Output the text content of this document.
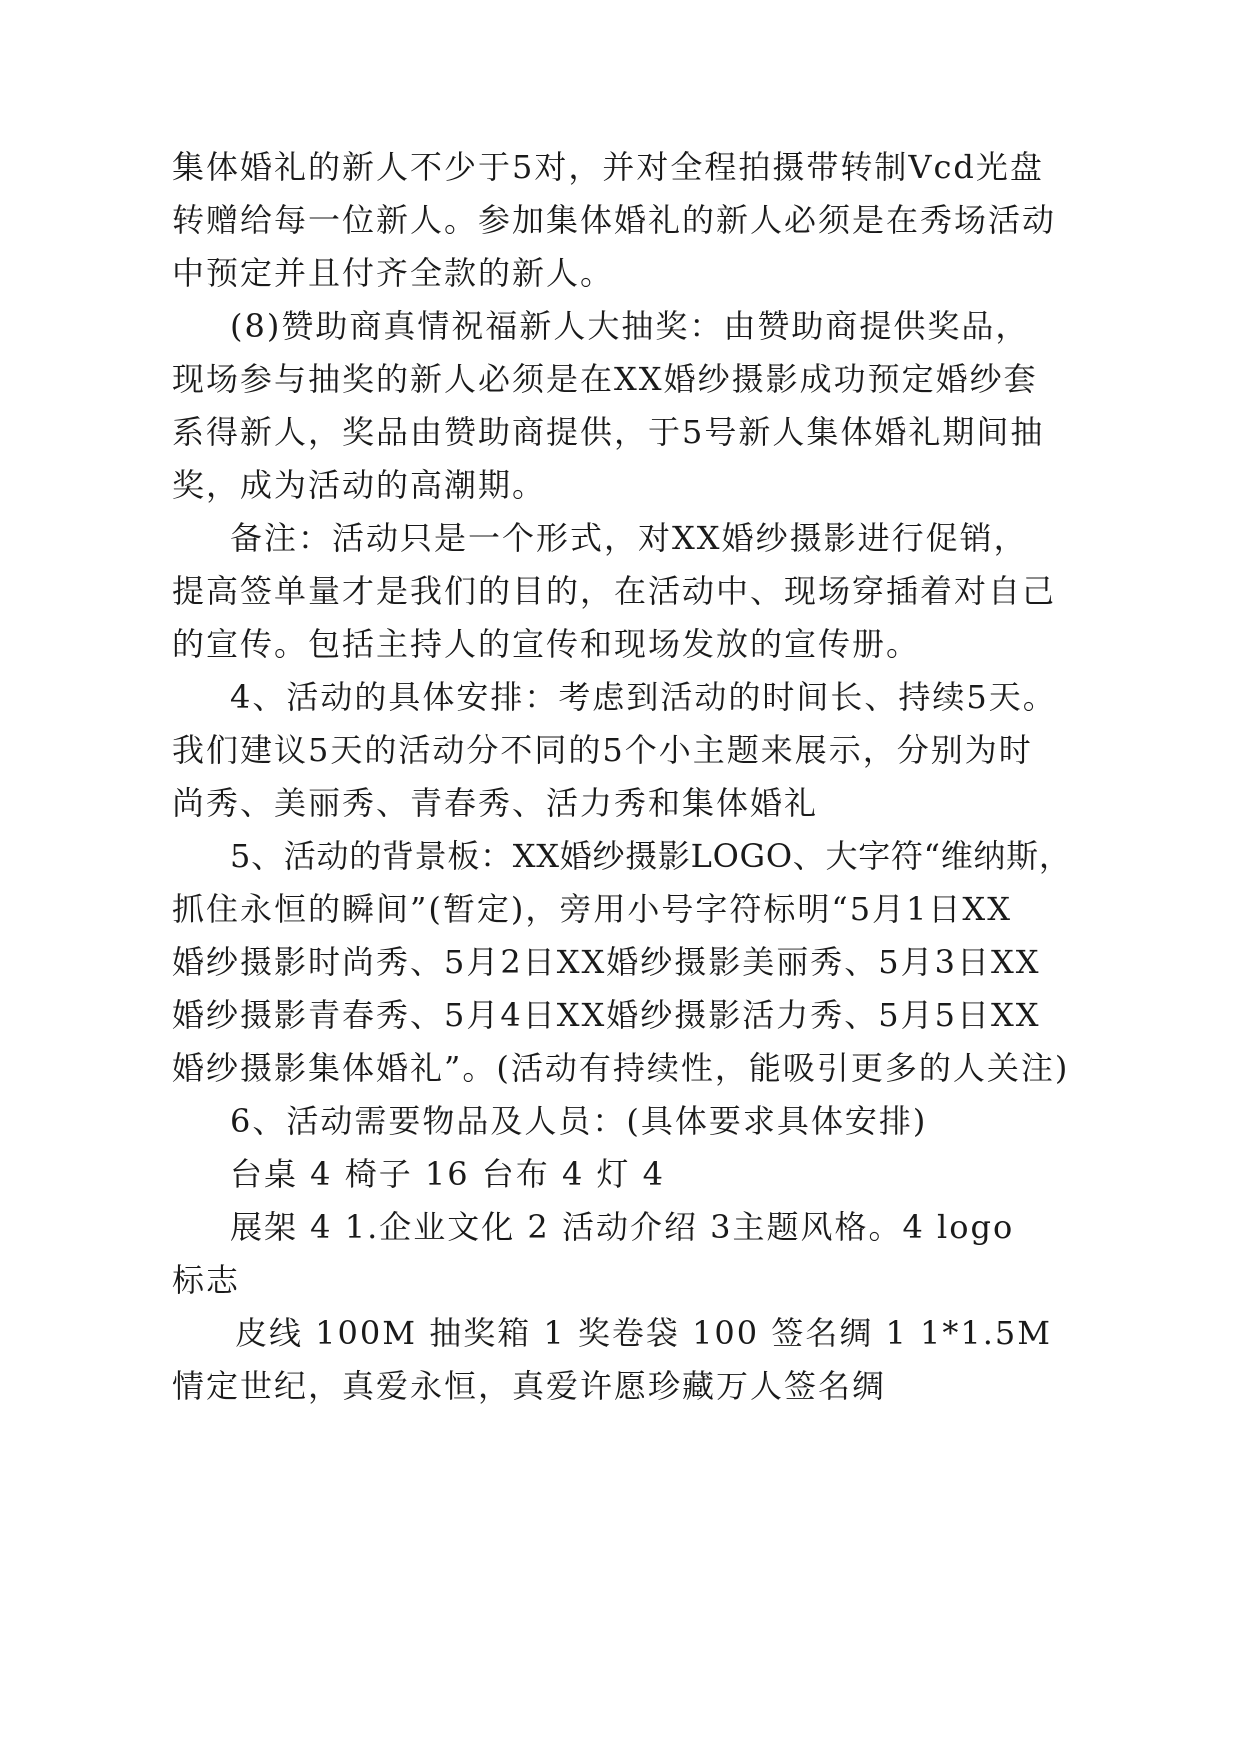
集体婚礼的新人不少于5对，并对全程拍摄带转制Vcd光盘
转赠给每一位新人。参加集体婚礼的新人必须是在秀场活动
中预定并且付齐全款的新人。
(8)赞助商真情祝福新人大抽奖：由赞助商提供奖品，
现场参与抽奖的新人必须是在XX婚纱摄影成功预定婚纱套
系得新人，奖品由赞助商提供，于5号新人集体婚礼期间抽
奖，成为活动的高潮期。
备注：活动只是一个形式，对XX婚纱摄影进行促销，
提高签单量才是我们的目的，在活动中、现场穿插着对自己
的宣传。包括主持人的宣传和现场发放的宣传册。
4、活动的具体安排：考虑到活动的时间长、持续5天。
我们建议5天的活动分不同的5个小主题来展示，分别为时
尚秀、美丽秀、青春秀、活力秀和集体婚礼
5、活动的背景板：XX婚纱摄影LOGO、大字符“维纳斯，
抓住永恒的瞬间”(暂定)，旁用小号字符标明“5月1日XX
婚纱摄影时尚秀、5月2日XX婚纱摄影美丽秀、5月3日XX
婚纱摄影青春秀、5月4日XX婚纱摄影活力秀、5月5日XX
婚纱摄影集体婚礼”。(活动有持续性，能吸引更多的人关注)
6、活动需要物品及人员：(具体要求具体安排)
台桌 4 椅子 16 台布 4 灯 4
展架 4 1.企业文化 2 活动介绍 3主题风格。4 logo
标志
皮线 100M 抽奖箱 1 奖卷袋 100 签名绸 1 1*1.5M
情定世纪，真爱永恒，真爱许愿珍藏万人签名绸
